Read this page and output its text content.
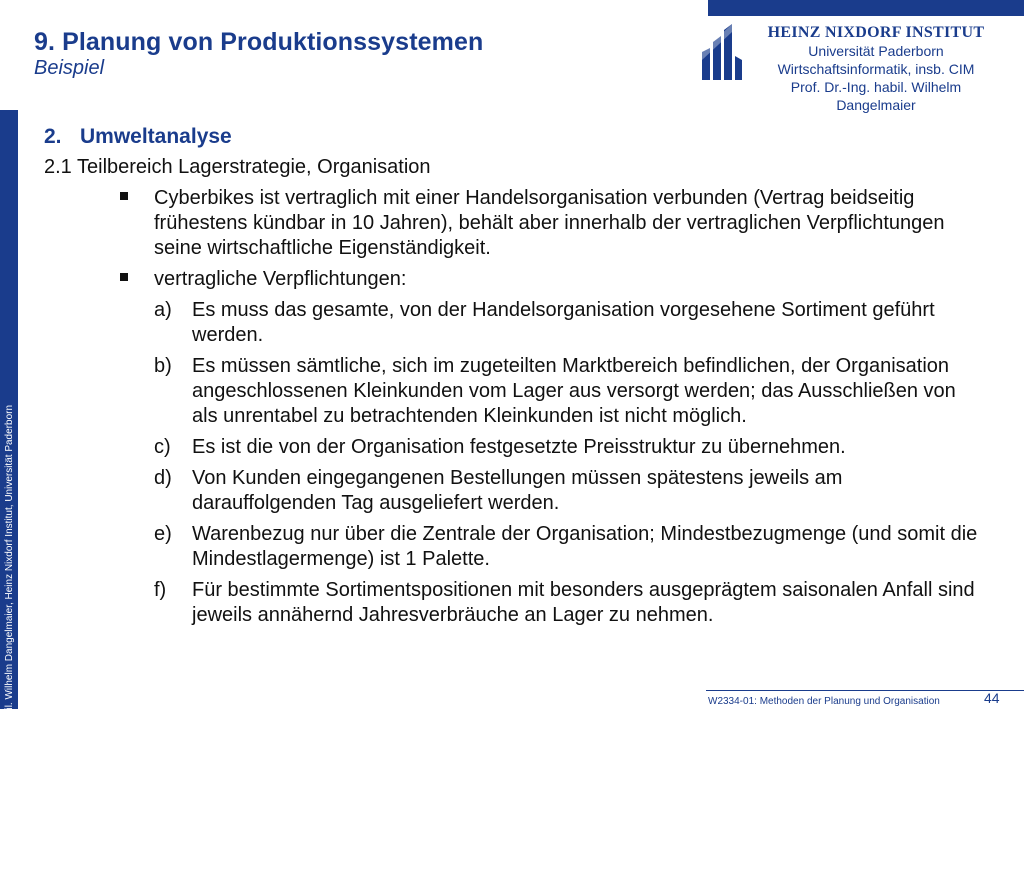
9. Planung von Produktionssystemen
Beispiel
HEINZ NIXDORF INSTITUT
Universität Paderborn
Wirtschaftsinformatik, insb. CIM
Prof. Dr.-Ing. habil. Wilhelm Dangelmaier
© Prof. Dr.-Ing habil. Wilhelm Dangelmaier, Heinz Nixdorf Institut, Universität Paderborn
2. Umweltanalyse
2.1 Teilbereich Lagerstrategie, Organisation
Cyberbikes ist vertraglich mit einer Handelsorganisation verbunden (Vertrag beidseitig frühestens kündbar in 10 Jahren), behält aber innerhalb der vertraglichen Verpflichtungen seine wirtschaftliche Eigenständigkeit.
vertragliche Verpflichtungen:
a) Es muss das gesamte, von der Handelsorganisation vorgesehene Sortiment geführt werden.
b) Es müssen sämtliche, sich im zugeteilten Marktbereich befindlichen, der Organisation angeschlossenen Kleinkunden vom Lager aus versorgt werden; das Ausschließen von als unrentabel zu betrachtenden Kleinkunden ist nicht möglich.
c) Es ist die von der Organisation festgesetzte Preisstruktur zu übernehmen.
d) Von Kunden eingegangenen Bestellungen müssen spätestens jeweils am darauffolgenden Tag ausgeliefert werden.
e) Warenbezug nur über die Zentrale der Organisation; Mindestbezugmenge (und somit die Mindestlagermenge) ist 1 Palette.
f) Für bestimmte Sortimentspositionen mit besonders ausgeprägtem saisonalen Anfall sind jeweils annähernd Jahresverbräuche an Lager zu nehmen.
W2334-01: Methoden der Planung und Organisation	44
